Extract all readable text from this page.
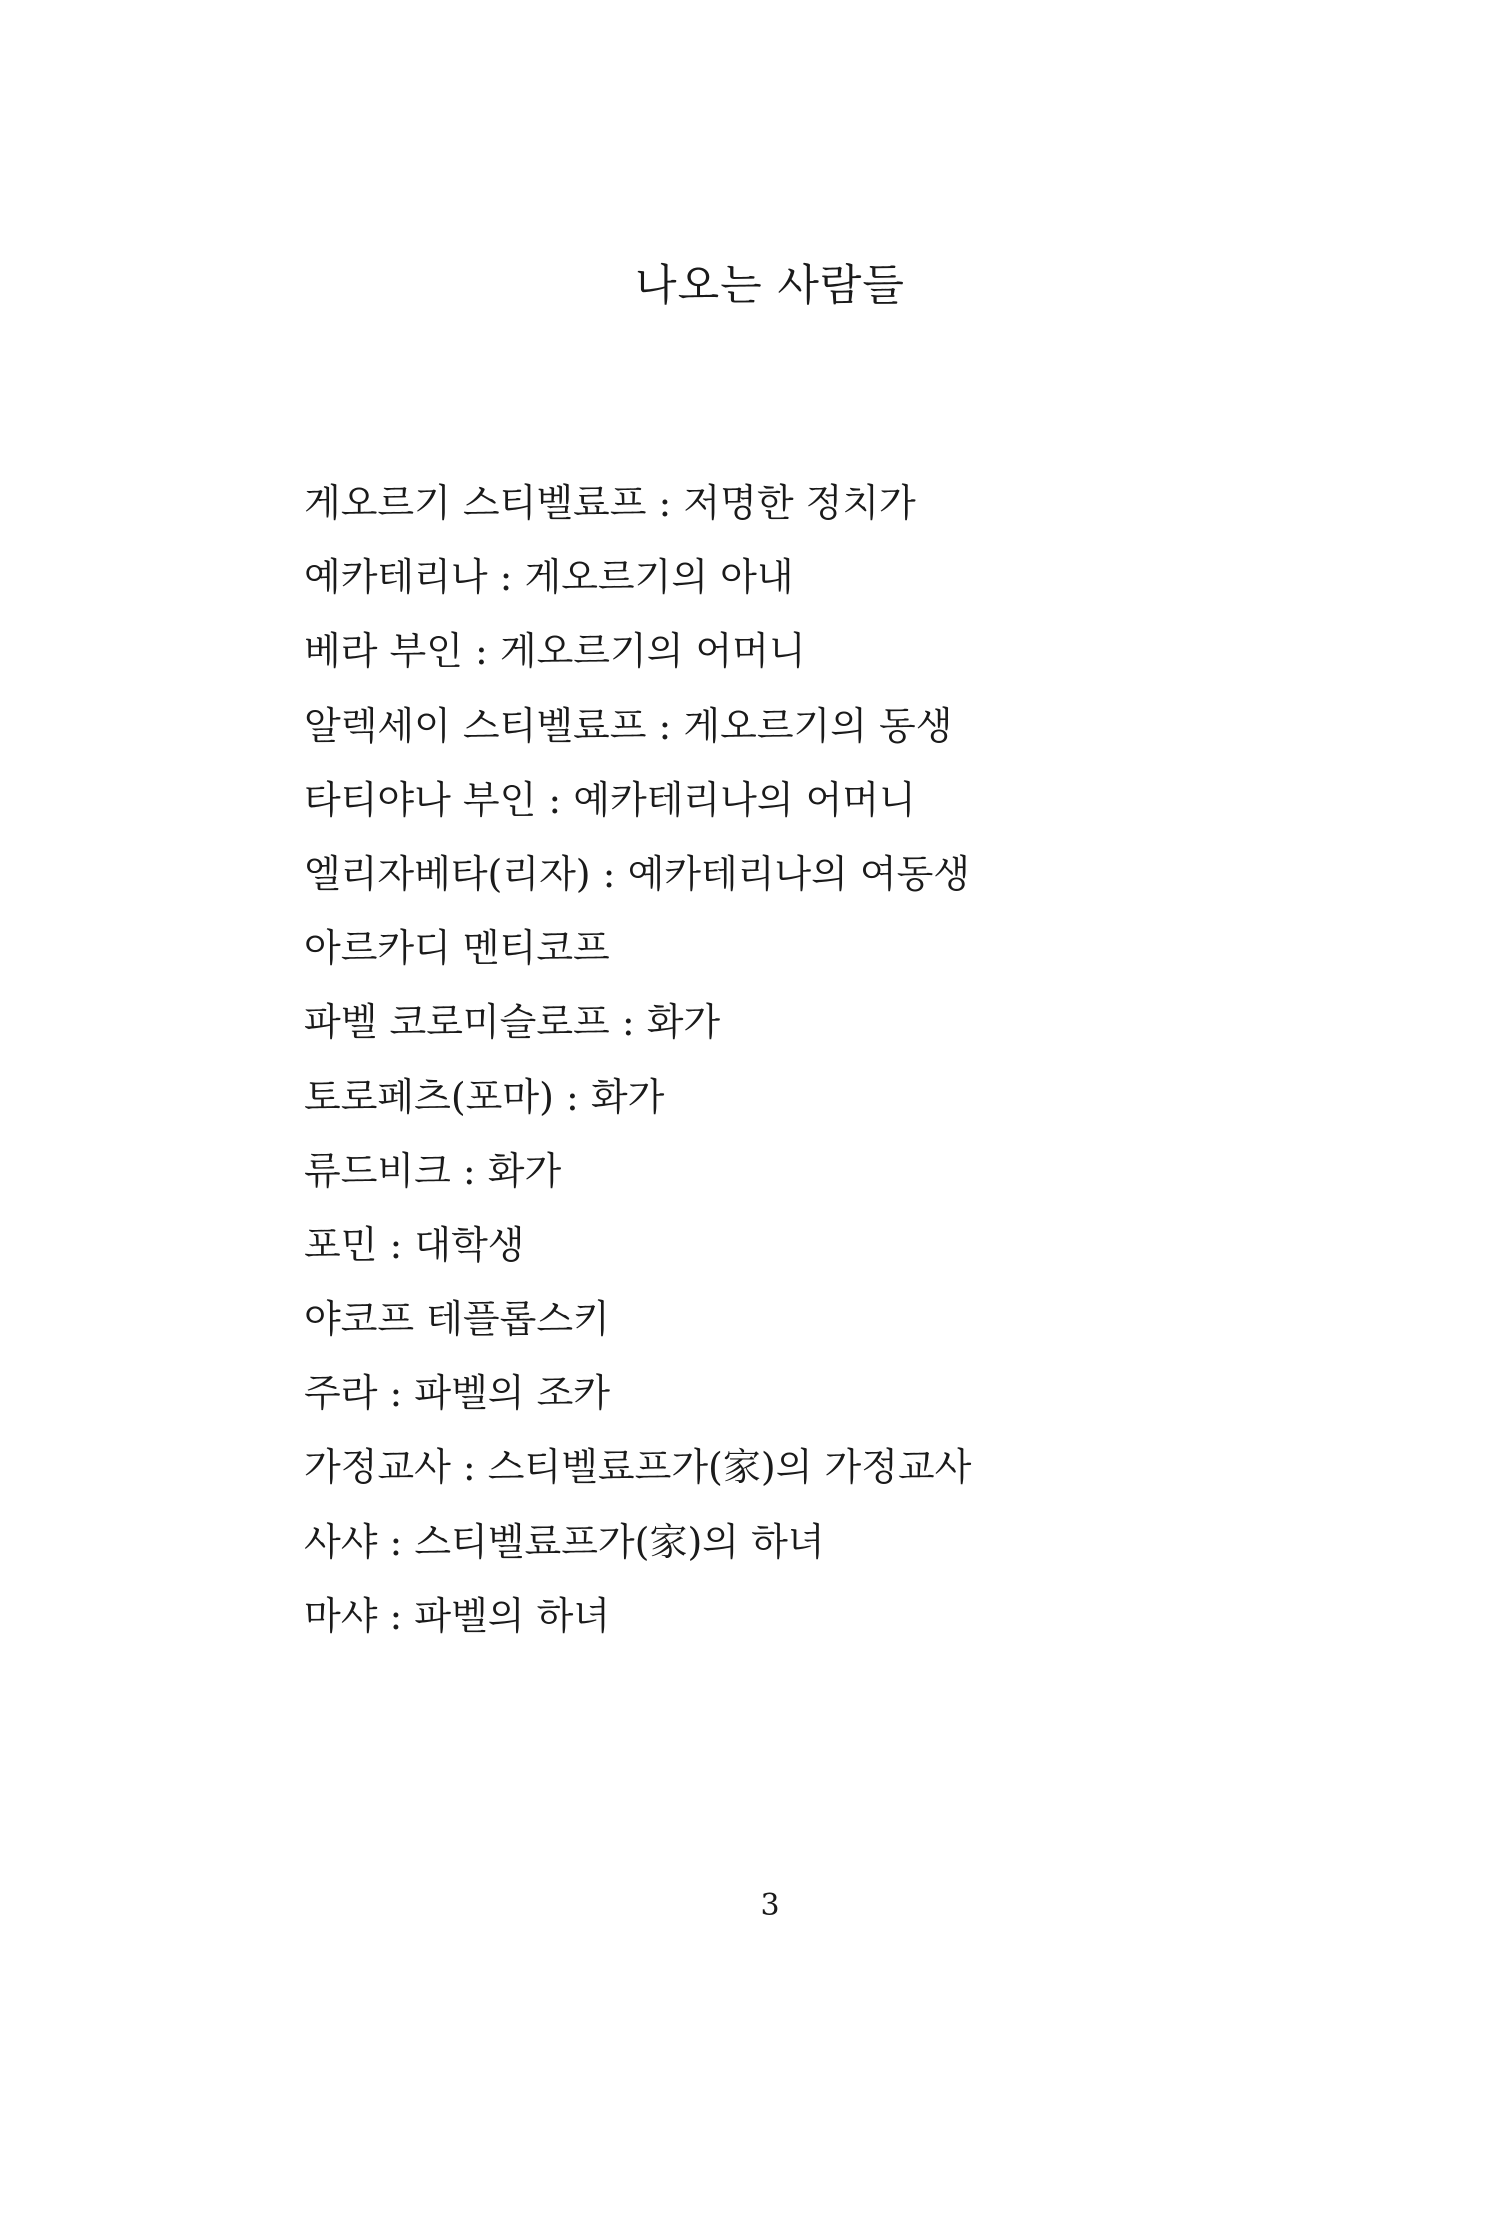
나오는 사람들
게오르기 스티벨료프 : 저명한 정치가
예카테리나 : 게오르기의 아내
베라 부인 : 게오르기의 어머니
알렉세이 스티벨료프 : 게오르기의 동생
타티야나 부인 : 예카테리나의 어머니
엘리자베타(리자) : 예카테리나의 여동생
아르카디 멘티코프
파벨 코로미슬로프 : 화가
토로페츠(포마) : 화가
류드비크 : 화가
포민 : 대학생
야코프 테플롭스키
주라 : 파벨의 조카
가정교사 : 스티벨료프가(家)의 가정교사
사샤 : 스티벨료프가(家)의 하녀
마샤 : 파벨의 하녀
3
